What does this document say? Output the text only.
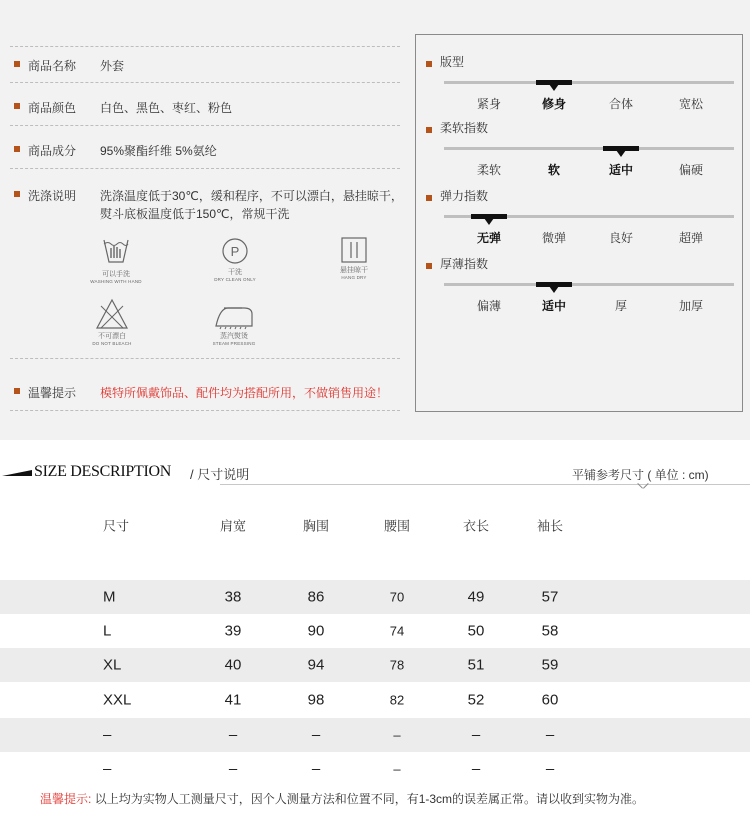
商品名称	外套
商品颜色	白色、黑色、枣红、粉色
商品成分	95%聚酯纤维 5%氨纶
洗涤说明	洗涤温度低于30℃，缓和程序，不可以漂白，悬挂晾干，
熨斗底板温度低于150℃，常规干洗
可以手洗
WASHING WITH HAND
P
干洗
DRY CLEAN ONLY
悬挂晾干
HANG DRY
不可漂白
DO NOT BLEACH
蒸汽熨烫
STEAM PRESSING
温馨提示	模特所佩戴饰品、配件均为搭配所用，不做销售用途！
版型
紧身	修身	合体	宽松
柔软指数
柔软	软	适中	偏硬
弹力指数
无弹	微弹	良好	超弹
厚薄指数
偏薄	适中	厚	加厚
SIZE DESCRIPTION / 尺寸说明	平铺参考尺寸 ( 单位 : cm)
尺寸	肩宽	胸围	腰围	衣长	袖长
M	38	86	70	49	57
L	39	90	74	50	58
XL	40	94	78	51	59
XXL	41	98	82	52	60
–	–	–	–	–	–
–	–	–	–	–	–
温馨提示: 以上均为实物人工测量尺寸，因个人测量方法和位置不同，有1-3cm的误差属正常。请以收到实物为准。
